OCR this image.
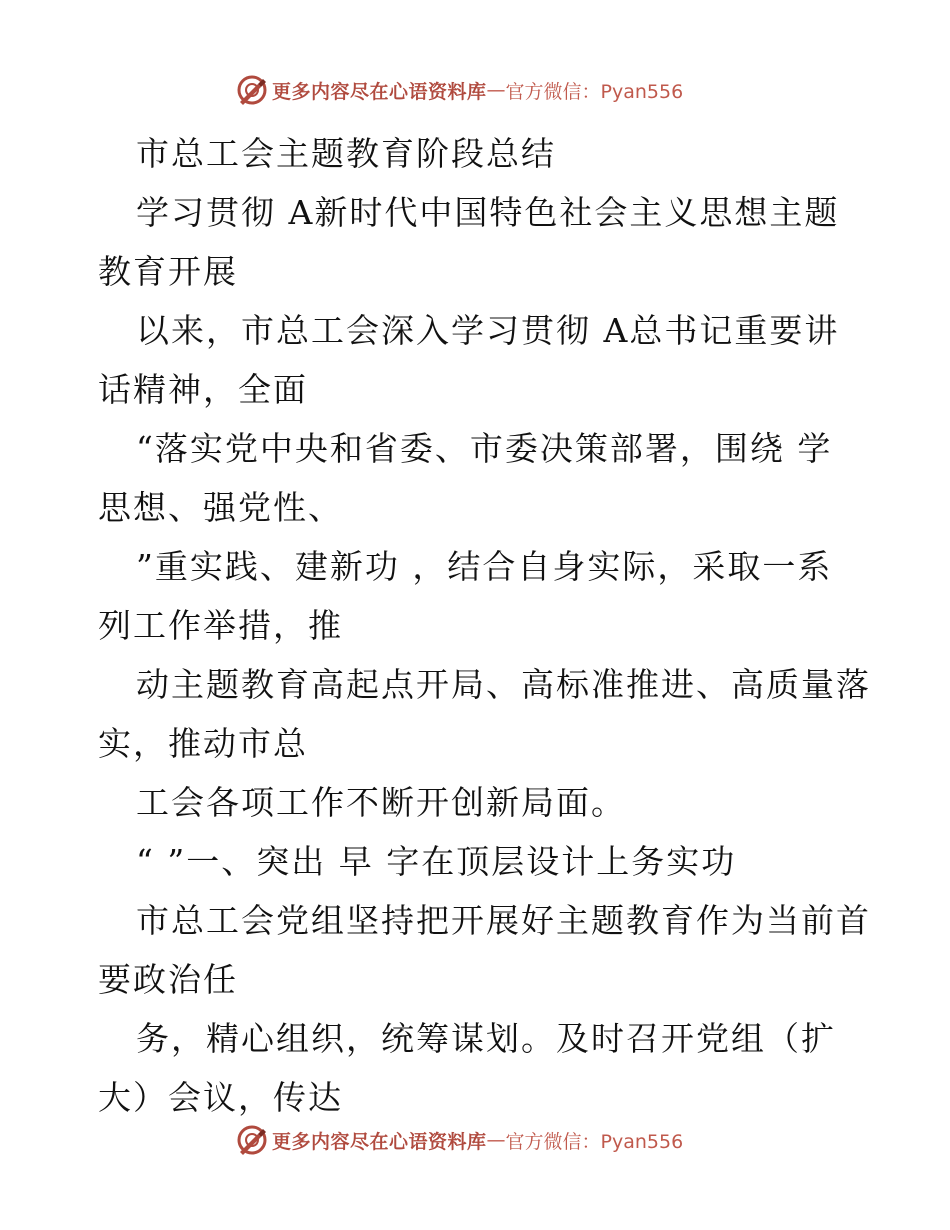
更多内容尽在心语资料库 — 官方微信：Pyan556
市总工会主题教育阶段总结
学习贯彻 A新时代中国特色社会主义思想主题
教育开展
以来，市总工会深入学习贯彻 A总书记重要讲
话精神，全面
“落实党中央和省委、市委决策部署，围绕 学
思想、强党性、
”重实践、建新功 ，结合自身实际，采取一系
列工作举措，推
动主题教育高起点开局、高标准推进、高质量落
实，推动市总
工会各项工作不断开创新局面。
“ ”一、突出 早 字在顶层设计上务实功
市总工会党组坚持把开展好主题教育作为当前首
要政治任
务，精心组织，统筹谋划。及时召开党组（扩
大）会议，传达
更多内容尽在心语资料库 — 官方微信：Pyan556
